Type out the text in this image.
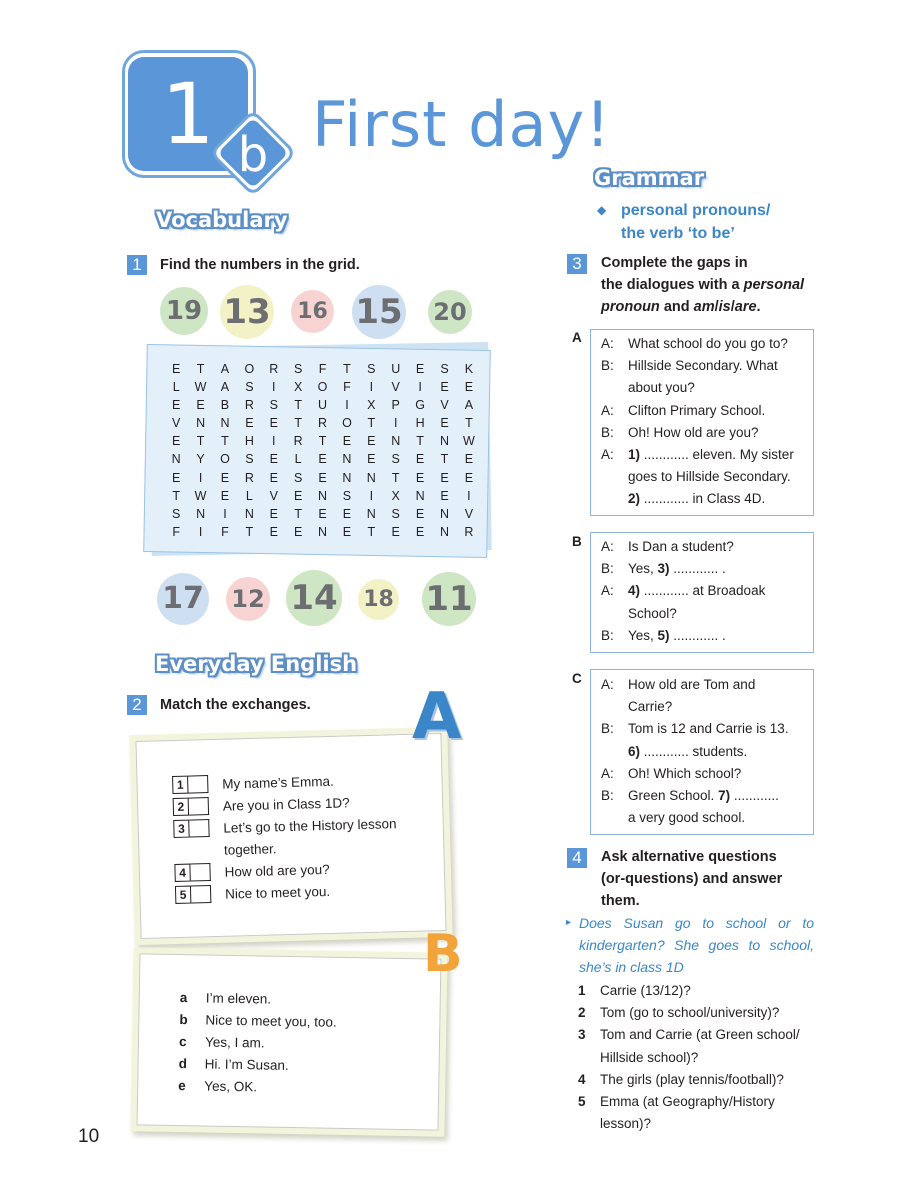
1 b First day!
Vocabulary
1	Find the numbers in the grid.
19 13 16 15 20
E	T	A	O	R	S	F	T	S	U	E	S	K
L	W	A	S	I	X	O	F	I	V	I	E	E
E	E	B	R	S	T	U	I	X	P	G	V	A
V	N	N	E	E	T	R	O	T	I	H	E	T
E	T	T	H	I	R	T	E	E	N	T	N	W
N	Y	O	S	E	L	E	N	E	S	E	T	E
E	I	E	R	E	S	E	N	N	T	E	E	E
T	W	E	L	V	E	N	S	I	X	N	E	I
S	N	I	N	E	T	E	E	N	S	E	N	V
F	I	F	T	E	E	N	E	T	E	E	N	R
17 12 14 18 11
Everyday English
2	Match the exchanges. A
1	My name’s Emma.
2	Are you in Class 1D?
3	Let’s go to the History lesson
together.
4	How old are you?
5	Nice to meet you.
B
a	I’m eleven.
b	Nice to meet you, too.
c	Yes, I am.
d	Hi. I’m Susan.
e	Yes, OK.
Grammar
◆ personal pronouns/
the verb ‘to be’
3	Complete the gaps in
the dialogues with a personal
pronoun and am/is/are.
A A:	What school do you go to?
B:	Hillside Secondary. What
about you?
A:	Clifton Primary School.
B:	Oh! How old are you?
A:	1) ............ eleven. My sister
goes to Hillside Secondary.
2) ............ in Class 4D.
B A:	Is Dan a student?
B:	Yes, 3) ............ .
A:	4) ............ at Broadoak
School?
B:	Yes, 5) ............ .
C A:	How old are Tom and
Carrie?
B:	Tom is 12 and Carrie is 13.
6) ............ students.
A:	Oh! Which school?
B:	Green School. 7) ............
a very good school.
4	Ask alternative questions
(or-questions) and answer
them.
▸ Does Susan go to school or to
kindergarten? She goes to school,
she’s in class 1D
1	Carrie (13/12)?
2	Tom (go to school/university)?
3	Tom and Carrie (at Green school/
Hillside school)?
4	The girls (play tennis/football)?
5	Emma (at Geography/History
lesson)?
10
